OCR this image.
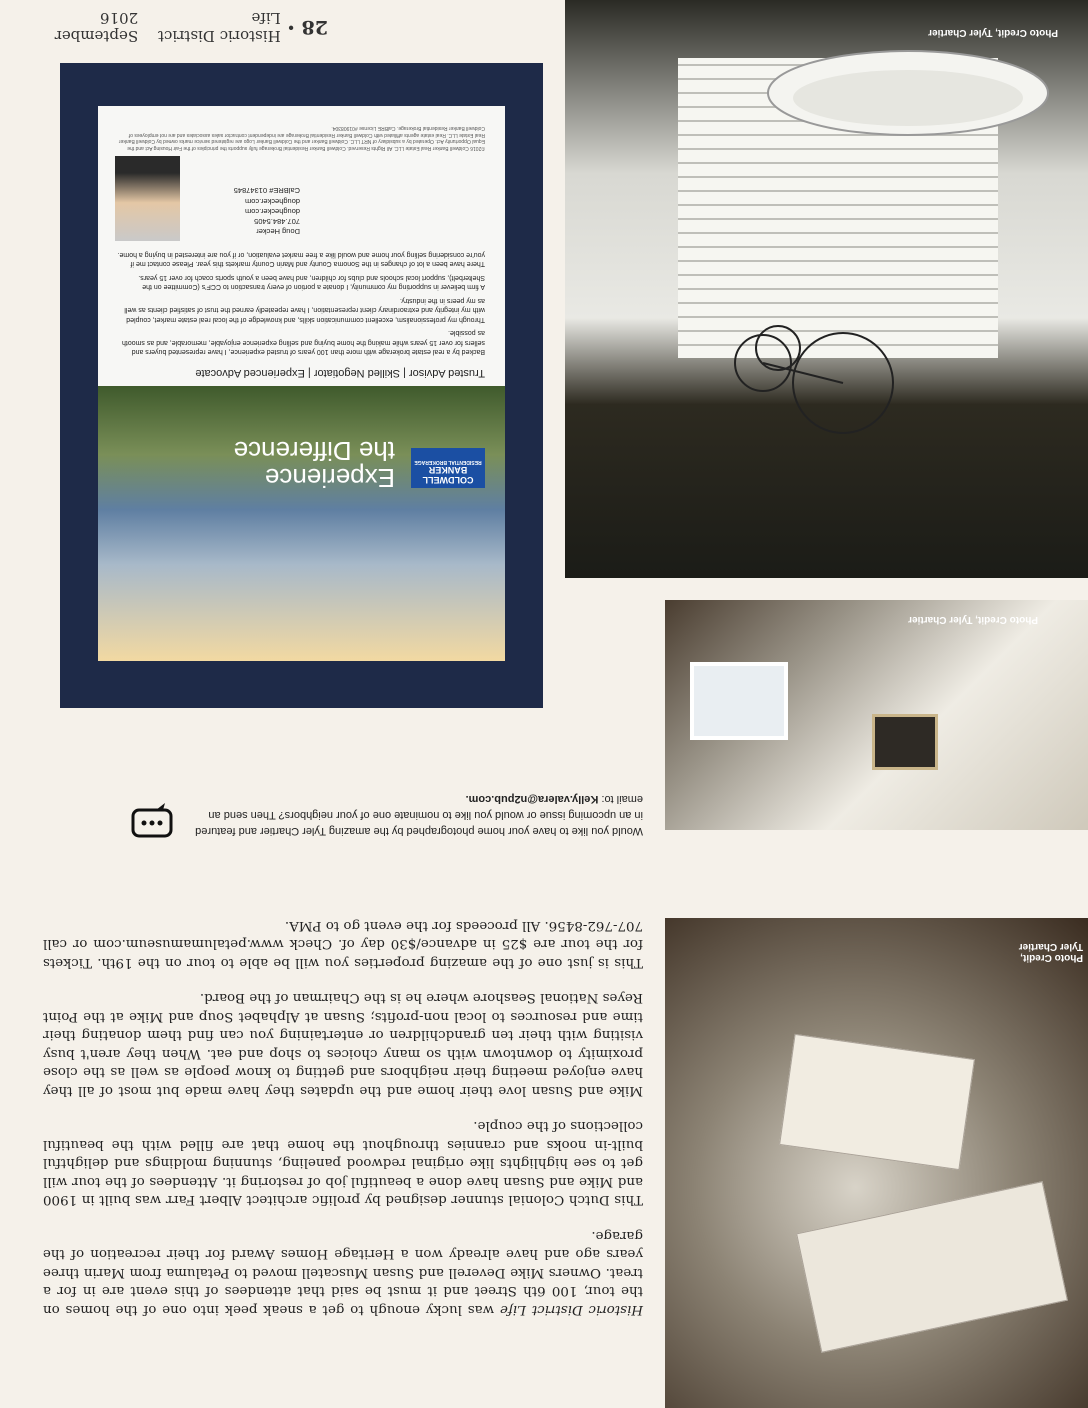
28
•
Historic District Life
September 2016
Photo Credit, Tyler Chartier
Photo Credit, Tyler Chartier
Photo Credit, Tyler Chartier
Experience
the Difference
COLDWELL
BANKER
RESIDENTIAL BROKERAGE
Trusted Advisor | Skilled Negotiator | Experienced Advocate

Backed by a real estate brokerage with more than 100 years of trusted experience, I have represented buyers and sellers for over 15 years while making the home buying and selling experience enjoyable, memorable, and as smooth as possible.

Through my professionalism, excellent communication skills, and knowledge of the local real estate market, coupled with my integrity and extraordinary client representation, I have repeatedly earned the trust of satisfied clients as well as my peers in the industry.

A firm believer in supporting my community, I donate a portion of every transaction to CCF's (Committee on the Shelterbelt), support local schools and clubs for children, and have been a youth sports coach for over 15 years.

There have been a lot of changes in the Sonoma County and Marin County markets this year. Please contact me if you're considering selling your home and would like a free market evaluation, or if you are interested in buying a home.

Doug Hecker
707.484.5405
doughecker.com
doughecker.com
CalBRE# 01347845
©2016 Coldwell Banker Real Estate LLC. All Rights Reserved. Coldwell Banker Residential Brokerage fully supports the principles of the Fair Housing Act and the Equal Opportunity Act. Operated by a subsidiary of NRT LLC. Coldwell Banker and the Coldwell Banker Logo are registered service marks owned by Coldwell Banker Real Estate LLC. Real estate agents affiliated with Coldwell Banker Residential Brokerage are independent contractor sales associates and are not employees of Coldwell Banker Residential Brokerage. CalBRE License #01908304.
Would you like to have your home photographed by the amazing Tyler Chartier and featured in an upcoming issue or would you like to nominate one of your neighbors? Then send an email to: Kelly.valera@n2pub.com.

Historic District Life was lucky enough to get a sneak peek into one of the homes on the tour, 100 6th Street and it must be said that attendees of this event are in for a treat. Owners Mike Deverell and Susan Muscatell moved to Petaluma from Marin three years ago and have already won a Heritage Homes Award for their recreation of the garage.

This Dutch Colonial stunner designed by prolific architect Albert Farr was built in 1900 and Mike and Susan have done a beautiful job of restoring it. Attendees of the tour will get to see highlights like original redwood paneling, stunning moldings and delightful built-in nooks and crannies throughout the home that are filled with the beautiful collections of the couple.

Mike and Susan love their home and the updates they have made but most of all they have enjoyed meeting their neighbors and getting to know people as well as the close proximity to downtown with so many choices to shop and eat. When they aren't busy visiting with their ten grandchildren or entertaining you can find them donating their time and resources to local non-profits; Susan at Alphabet Soup and Mike at the Point Reyes National Seashore where he is the Chairman of the Board.

This is just one of the amazing properties you will be able to tour on the 19th. Tickets for the tour are $25 in advance/$30 day of. Check www.petalumamuseum.com or call 707-762-8456. All proceeds for the event go to PMA.
